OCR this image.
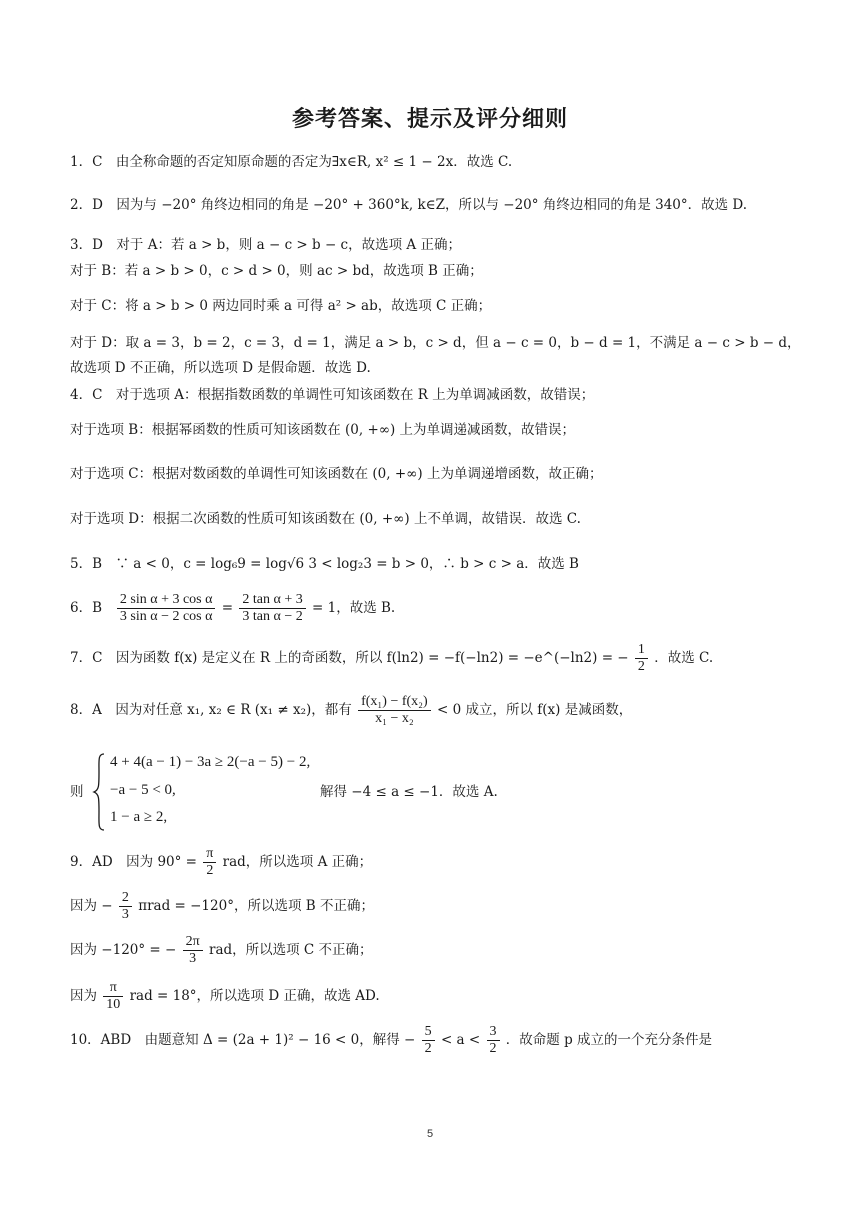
参考答案、提示及评分细则
1．C　由全称命题的否定知原命题的否定为∃x∈R, x² ≤ 1 − 2x．故选 C.
2．D　因为与 −20° 角终边相同的角是 −20° + 360°k, k∈Z，所以与 −20° 角终边相同的角是 340°．故选 D.
3．D　对于 A：若 a > b，则 a − c > b − c，故选项 A 正确；
对于 B：若 a > b > 0，c > d > 0，则 ac > bd，故选项 B 正确；
对于 C：将 a > b > 0 两边同时乘 a 可得 a² > ab，故选项 C 正确；
对于 D：取 a = 3，b = 2，c = 3，d = 1，满足 a > b，c > d，但 a − c = 0，b − d = 1，不满足 a − c > b − d，
故选项 D 不正确，所以选项 D 是假命题．故选 D.
4．C　对于选项 A：根据指数函数的单调性可知该函数在 R 上为单调减函数，故错误；
对于选项 B：根据幂函数的性质可知该函数在 (0, +∞) 上为单调递减函数，故错误；
对于选项 C：根据对数函数的单调性可知该函数在 (0, +∞) 上为单调递增函数，故正确；
对于选项 D：根据二次函数的性质可知该函数在 (0, +∞) 上不单调，故错误．故选 C.
5．B　∵ a < 0，c = log₆9 = log√6 3 < log₂3 = b > 0，∴ b > c > a．故选 B
6．B $\frac{\text{2 sin α + 3 cos α}}{\text{3 sin α − 2 cos α}} = \frac{\text{2 tan α + 3}}{\text{3 tan α − 2}} = 1$，故选 B.
7．C　因为函数 f(x) 是定义在 R 上的奇函数，所以 f(ln2) = −f(−ln2) = −e^(−ln2) = − $\frac{1}{2}$ ．故选 C.
8．A　因为对任意 x₁, x₂ ∈ R (x₁ ≠ x₂)，都有 $\frac{\text{f(x₁) − f(x₂)}}{\text{x₁ − x₂}} < 0$ 成立，所以 f(x) 是减函数，
则
4 + 4(a − 1) − 3a ≥ 2(−a − 5) − 2,
−a − 5 < 0,
1 − a ≥ 2,
解得 −4 ≤ a ≤ −1．故选 A.
9．AD　因为 $90^\circ = \frac{\pi}{2}$ rad，所以选项 A 正确；
因为 − $\frac{2}{3}$ πrad = −120°，所以选项 B 不正确；
因为 −120° = − $\frac{2\pi}{3}$ rad，所以选项 C 不正确；
因为 $\frac{\pi}{10}$ rad = 18°，所以选项 D 正确，故选 AD.
10．ABD　由题意知 Δ = (2a + 1)² − 16 < 0，解得 − $\frac{5}{2} < a < \frac{3}{2}$ ．故命题 p 成立的一个充分条件是
5
